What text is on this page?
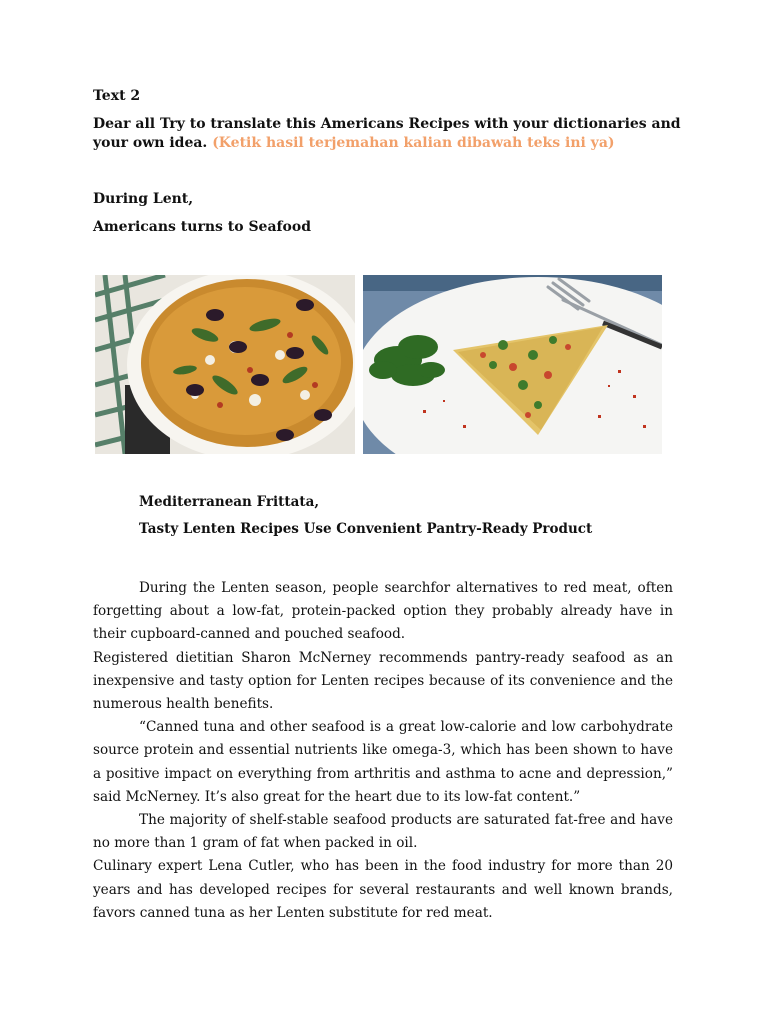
Text 2
Dear all Try to translate this Americans Recipes with your dictionaries and your own idea. (Ketik hasil terjemahan kalian dibawah teks ini ya)
During Lent,
Americans turns to Seafood
Mediterranean Frittata,
Tasty Lenten Recipes Use Convenient Pantry-Ready Product

During the Lenten season, people searchfor alternatives to red meat, often forgetting about a low-fat, protein-packed option they probably already have in their cupboard-canned and pouched seafood.

Registered dietitian Sharon McNerney recommends pantry-ready seafood as an inexpensive and tasty option for Lenten recipes because of its convenience and the numerous health benefits.

“Canned tuna and other seafood is a great low-calorie and low carbohydrate source protein and essential nutrients like omega-3, which has been shown to have a positive impact on everything from arthritis and asthma to acne and depression,” said McNerney. It’s also great for the heart due to its low-fat content.”

The majority of shelf-stable seafood products are saturated fat-free and have no more than 1 gram of fat when packed in oil.

Culinary expert Lena Cutler, who has been in the food industry for more than 20 years and has developed recipes for several restaurants and well known brands, favors canned tuna as her Lenten substitute for red meat.
